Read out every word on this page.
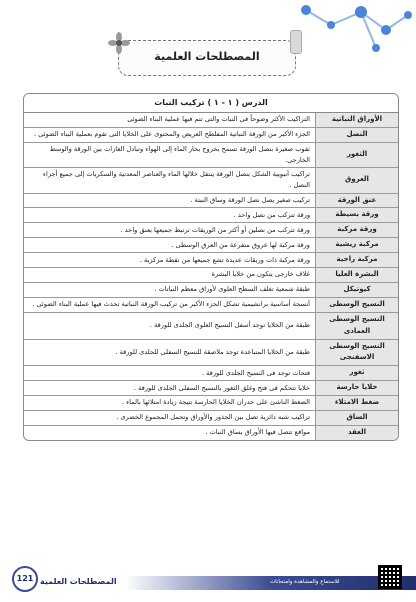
المصطلحات العلمية
الدرس ( ١ - ١ ) تركيب النبات
الأوراق النباتية	التراكيب الأكثر وضوحاً فى النبات والتى تتم فيها عملية البناء الضوئى
النصل	الجزء الأكبر من الورقة النباتية المفلطح العريض والمحتوى على الخلايا التى تقوم بعملية البناء الضوئى .
الثغور	ثقوب صغيرة بنصل الورقة تسمح بخروج بخار الماء إلى الهواء وتبادل الغازات بين الورقة والوسط الخارجى.
العروق	تراكيب أنبوبية الشكل بنصل الورقة ينتقل خلالها الماء والعناصر المعدنية والسكريات إلى جميع أجزاء النصل .
عنق الورقة	تركيب صغير يصل نصل الورقة وساق النبتة .
ورقة بسيطة	ورقة تتركب من نصل واحد .
ورقة مركبة	ورقة تتركب من نصلين أو أكثر من الوريقات ترتبط جميعها بعنق واحد .
مركبة ريشية	ورقة مركبة لها عروق متفرعة من العرق الوسطى .
مركبة راحية	ورقة مركبة ذات وريقات عديدة تشع جميعها من نقطة مركزية .
البشرة العليا	غلاف خارجى يتكون من خلايا البشرة
كيوتيكل	طبقة شمعية تغلف السطح العلوى لأوراق معظم النباتات .
النسيج الوسطى	أنسجة أساسية برانشيمية تشكل الجزء الأكبر من تركيب الورقة النباتية تحدث فيها عملية البناء الضوئى .
النسيج الوسطى العمادى	طبقة من الخلايا توجد أسفل النسيج العلوى الجلدى للورقة .
النسيج الوسطى الاسفنجى	طبقة من الخلايا المتباعدة توجد ملاصقة للنسيج السفلى للجلدى للورقة .
ثغور	فتحات توجد فى النسيج الجلدى للورقة .
خلايا حارسة	خلايا تتحكم فى فتح وغلق الثغور بالنسيج السفلى الجلدى للورقة .
ضغط الامتلاء	الضغط الناشئ على جدران الخلايا الحارسة نتيجة زيادة امتلائها بالماء .
الساق	تراكيب شبه دائرية تصل بين الجذور والأوراق وتحمل المجموع الخضرى .
العقد	مواقع تتصل فيها الأوراق بساق النبات .
121 المصطلحات العلمية	للاستماع والمشاهدة وامتحانات
